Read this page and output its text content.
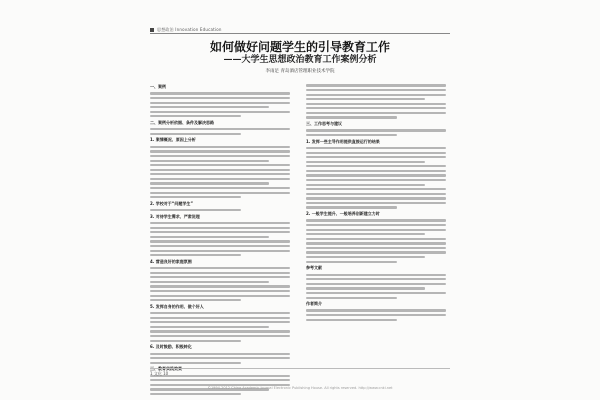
思想政治 Innovation Education
如何做好问题学生的引导教育工作
——大学生思想政治教育工作案例分析
李雨足 青岛酒店管理职业技术学院
一、案例
二、案例分析依据、条件及解决思路
1. 案情概况、原因上分析
2. 学校对于“问题学生”
3. 对待学生需求、严肃说理
4. 营造良好的家庭氛围
5. 发挥自身的作用、做个好人
6. 及时鼓励、积极转化
三、教育实践效果
三、工作思考与建议
1. 发挥一些主导作用提供直接运行的结果
2. 一般学生提升、一般培养创新建立力时
参考文献
作者简介
1 文化 10
©1994-2012 China Academic Journal Electronic Publishing House. All rights reserved. http://www.cnki.net
